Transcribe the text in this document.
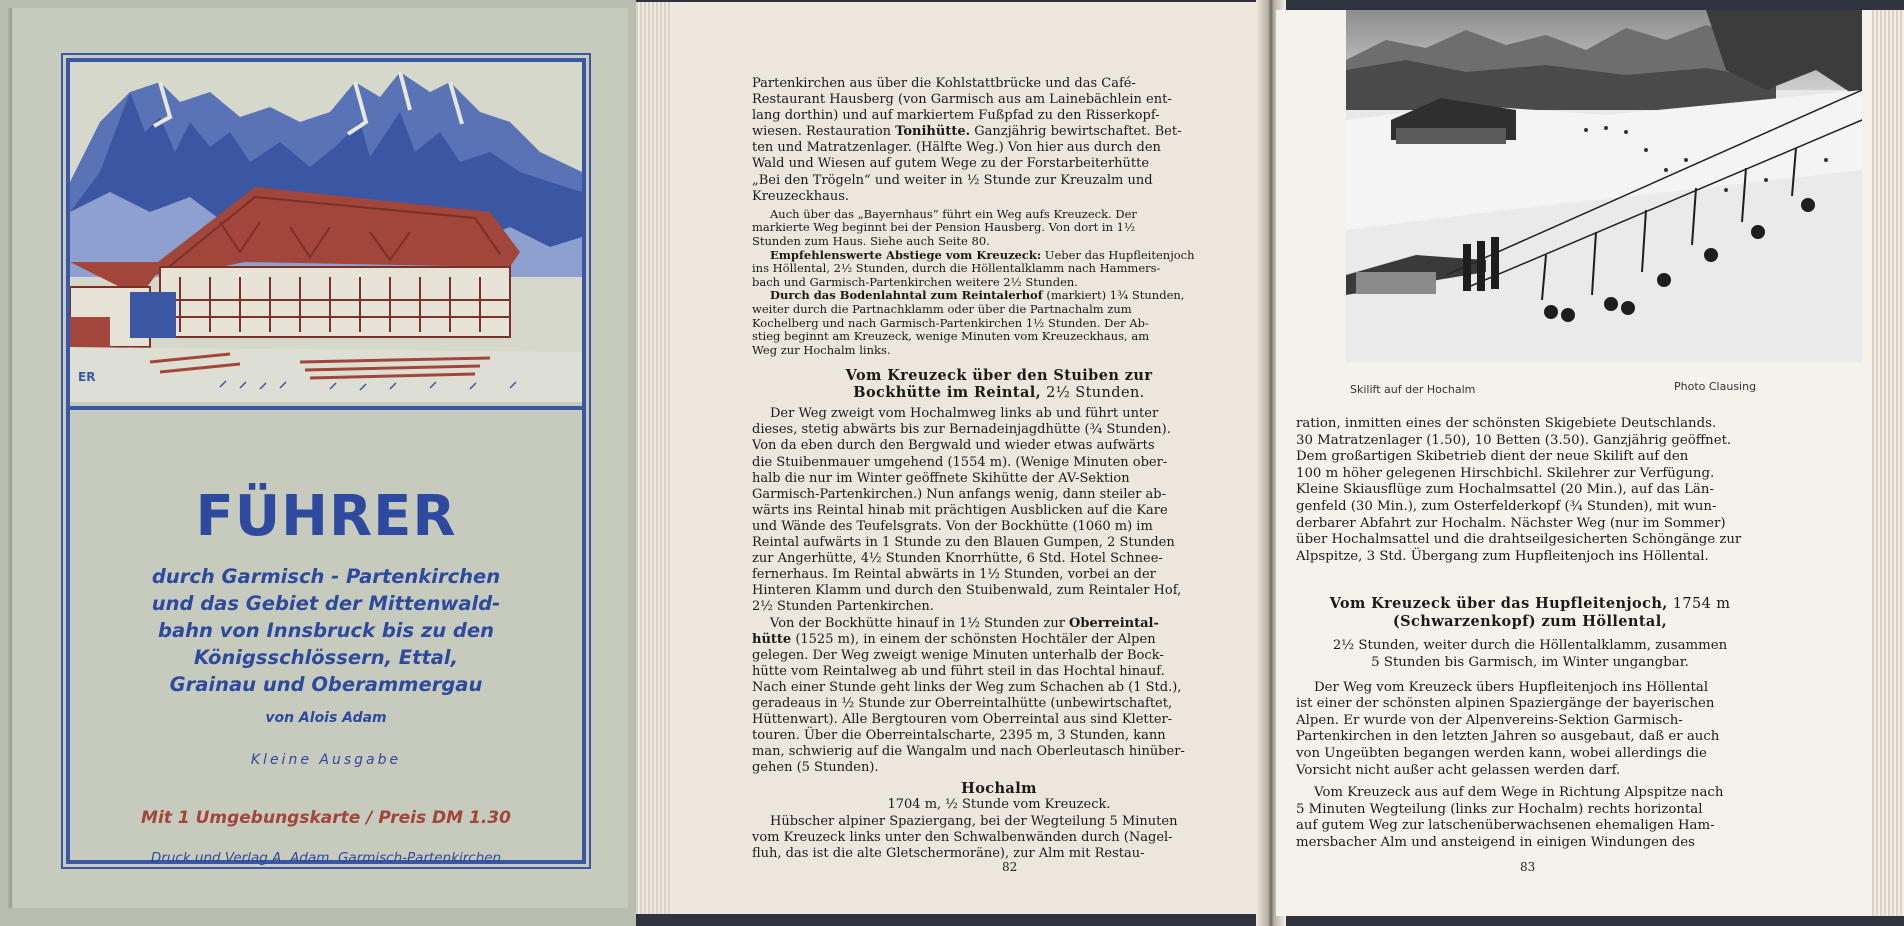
ER
FÜHRER
durch Garmisch - Partenkirchen
und das Gebiet der Mittenwald-
bahn von Innsbruck bis zu den
Königsschlössern, Ettal,
Grainau und Oberammergau
von Alois Adam
Kleine Ausgabe
Mit 1 Umgebungskarte / Preis DM 1.30
Druck und Verlag A. Adam, Garmisch-Partenkirchen

Partenkirchen aus über die Kohlstattbrücke und das Café-

Restaurant Hausberg (von Garmisch aus am Lainebächlein ent-

lang dorthin) und auf markiertem Fußpfad zu den Risserkopf-

wiesen. Restauration Tonihütte. Ganzjährig bewirtschaftet. Bet-

ten und Matratzenlager. (Hälfte Weg.) Von hier aus durch den

Wald und Wiesen auf gutem Wege zu der Forstarbeiterhütte

„Bei den Trögeln“ und weiter in ½ Stunde zur Kreuzalm und

Kreuzeckhaus.

Auch über das „Bayernhaus“ führt ein Weg aufs Kreuzeck. Der

markierte Weg beginnt bei der Pension Hausberg. Von dort in 1½

Stunden zum Haus. Siehe auch Seite 80.

Empfehlenswerte Abstiege vom Kreuzeck: Ueber das Hupfleitenjoch

ins Höllental, 2½ Stunden, durch die Höllentalklamm nach Hammers-

bach und Garmisch-Partenkirchen weitere 2½ Stunden.

Durch das Bodenlahntal zum Reintalerhof (markiert) 1¾ Stunden,

weiter durch die Partnachklamm oder über die Partnachalm zum

Kochelberg und nach Garmisch-Partenkirchen 1½ Stunden. Der Ab-

stieg beginnt am Kreuzeck, wenige Minuten vom Kreuzeckhaus, am

Weg zur Hochalm links.

Vom Kreuzeck über den Stuiben zur
Bockhütte im Reintal, 2½ Stunden.

Der Weg zweigt vom Hochalmweg links ab und führt unter

dieses, stetig abwärts bis zur Bernadeinjagdhütte (¾ Stunden).

Von da eben durch den Bergwald und wieder etwas aufwärts

die Stuibenmauer umgehend (1554 m). (Wenige Minuten ober-

halb die nur im Winter geöffnete Skihütte der AV-Sektion

Garmisch-Partenkirchen.) Nun anfangs wenig, dann steiler ab-

wärts ins Reintal hinab mit prächtigen Ausblicken auf die Kare

und Wände des Teufelsgrats. Von der Bockhütte (1060 m) im

Reintal aufwärts in 1 Stunde zu den Blauen Gumpen, 2 Stunden

zur Angerhütte, 4½ Stunden Knorrhütte, 6 Std. Hotel Schnee-

fernerhaus. Im Reintal abwärts in 1½ Stunden, vorbei an der

Hinteren Klamm und durch den Stuibenwald, zum Reintaler Hof,

2½ Stunden Partenkirchen.

Von der Bockhütte hinauf in 1½ Stunden zur Oberreintal-

hütte (1525 m), in einem der schönsten Hochtäler der Alpen

gelegen. Der Weg zweigt wenige Minuten unterhalb der Bock-

hütte vom Reintalweg ab und führt steil in das Hochtal hinauf.

Nach einer Stunde geht links der Weg zum Schachen ab (1 Std.),

geradeaus in ½ Stunde zur Oberreintalhütte (unbewirtschaftet,

Hüttenwart). Alle Bergtouren vom Oberreintal aus sind Kletter-

touren. Über die Oberreintalscharte, 2395 m, 3 Stunden, kann

man, schwierig auf die Wangalm und nach Oberleutasch hinüber-

gehen (5 Stunden).

Hochalm

1704 m, ½ Stunde vom Kreuzeck.

Hübscher alpiner Spaziergang, bei der Wegteilung 5 Minuten

vom Kreuzeck links unter den Schwalbenwänden durch (Nagel-

fluh, das ist die alte Gletschermoräne), zur Alm mit Restau-

82
Skilift auf der Hochalm	Photo Clausing

ration, inmitten eines der schönsten Skigebiete Deutschlands.

30 Matratzenlager (1.50), 10 Betten (3.50). Ganzjährig geöffnet.

Dem großartigen Skibetrieb dient der neue Skilift auf den

100 m höher gelegenen Hirschbichl. Skilehrer zur Verfügung.

Kleine Skiausflüge zum Hochalmsattel (20 Min.), auf das Län-

genfeld (30 Min.), zum Osterfelderkopf (¾ Stunden), mit wun-

derbarer Abfahrt zur Hochalm. Nächster Weg (nur im Sommer)

über Hochalmsattel und die drahtseilgesicherten Schöngänge zur

Alpspitze, 3 Std. Übergang zum Hupfleitenjoch ins Höllental.

Vom Kreuzeck über das Hupfleitenjoch, 1754 m
(Schwarzenkopf) zum Höllental,

2½ Stunden, weiter durch die Höllentalklamm, zusammen

5 Stunden bis Garmisch, im Winter ungangbar.

Der Weg vom Kreuzeck übers Hupfleitenjoch ins Höllental

ist einer der schönsten alpinen Spaziergänge der bayerischen

Alpen. Er wurde von der Alpenvereins-Sektion Garmisch-

Partenkirchen in den letzten Jahren so ausgebaut, daß er auch

von Ungeübten begangen werden kann, wobei allerdings die

Vorsicht nicht außer acht gelassen werden darf.

Vom Kreuzeck aus auf dem Wege in Richtung Alpspitze nach

5 Minuten Wegteilung (links zur Hochalm) rechts horizontal

auf gutem Weg zur latschenüberwachsenen ehemaligen Ham-

mersbacher Alm und ansteigend in einigen Windungen des

83
